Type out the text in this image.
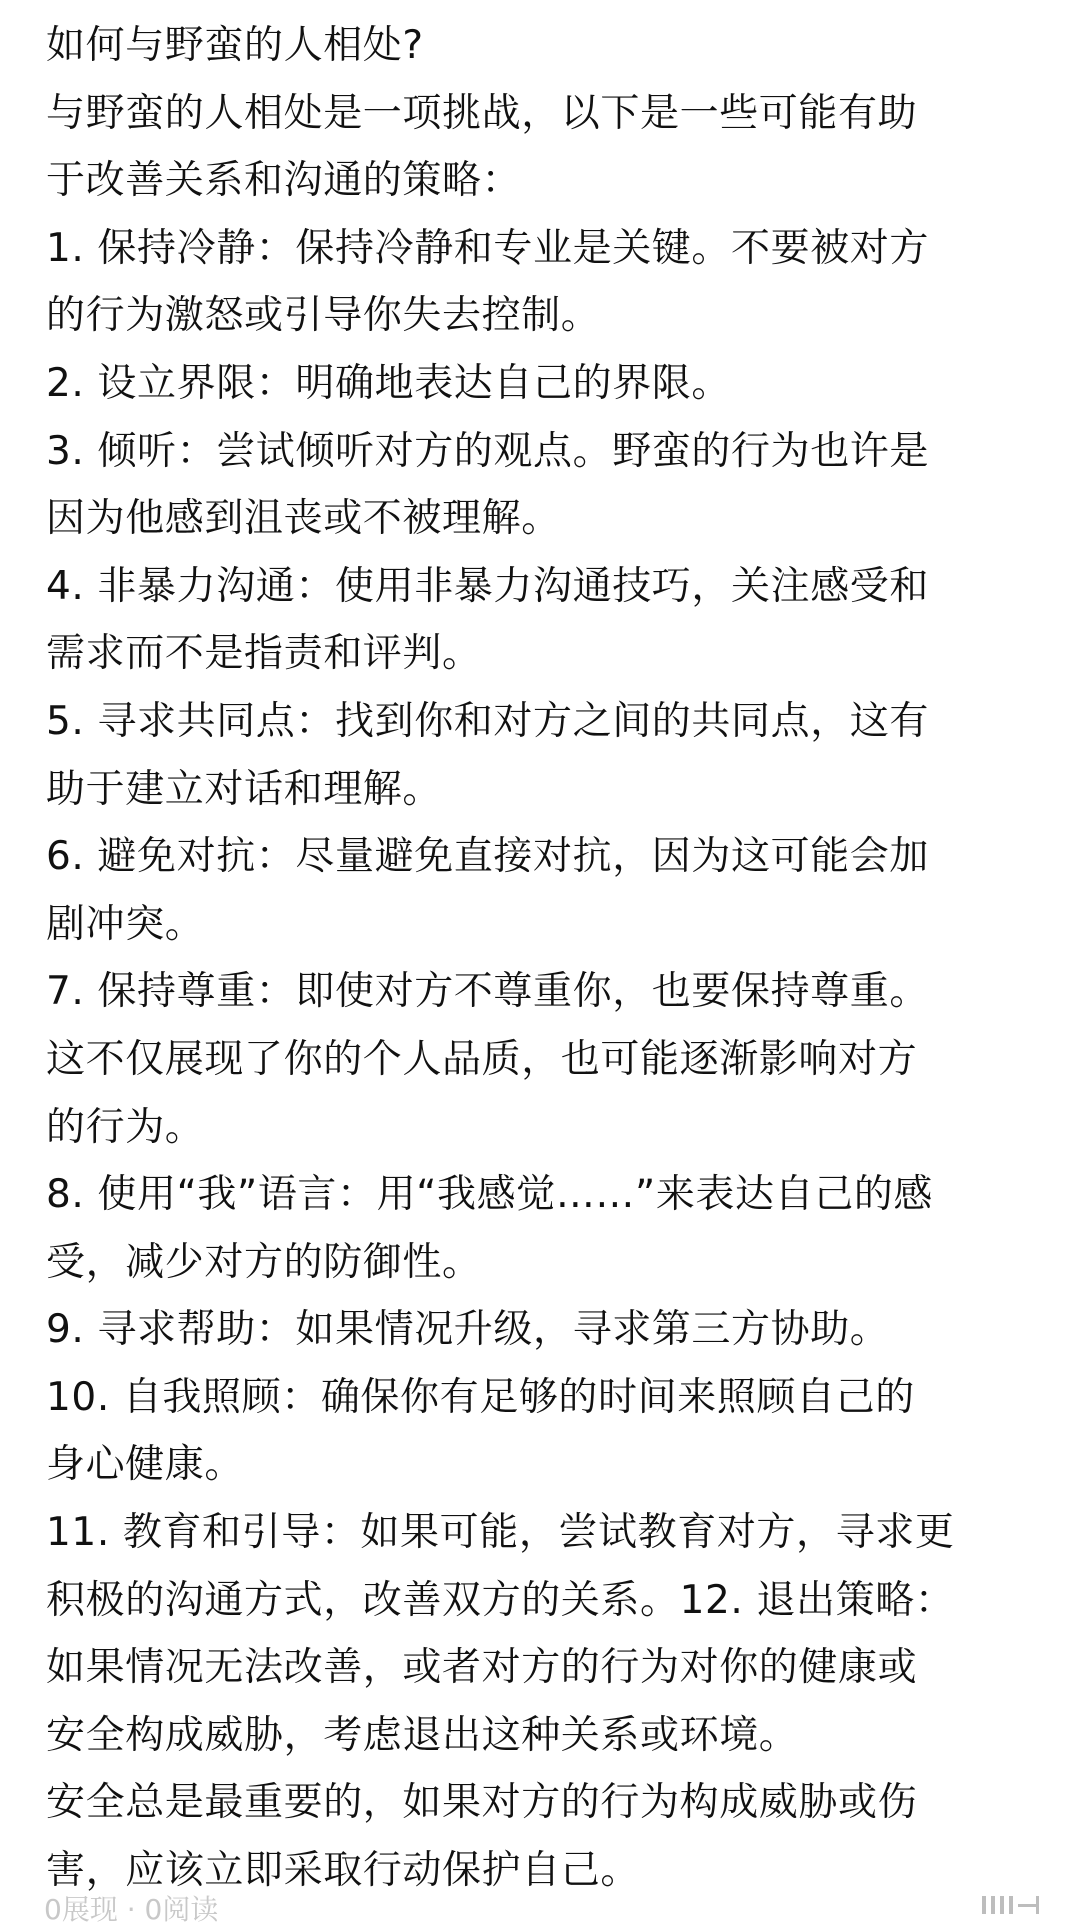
如何与野蛮的人相处?
与野蛮的人相处是一项挑战，以下是一些可能有助
于改善关系和沟通的策略：
1. 保持冷静：保持冷静和专业是关键。不要被对方
的行为激怒或引导你失去控制。
2. 设立界限：明确地表达自己的界限。
3. 倾听：尝试倾听对方的观点。野蛮的行为也许是
因为他感到沮丧或不被理解。
4. 非暴力沟通：使用非暴力沟通技巧，关注感受和
需求而不是指责和评判。
5. 寻求共同点：找到你和对方之间的共同点，这有
助于建立对话和理解。
6. 避免对抗：尽量避免直接对抗，因为这可能会加
剧冲突。
7. 保持尊重：即使对方不尊重你，也要保持尊重。
这不仅展现了你的个人品质，也可能逐渐影响对方
的行为。
8. 使用“我”语言：用“我感觉……”来表达自己的感
受，减少对方的防御性。
9. 寻求帮助：如果情况升级，寻求第三方协助。
10. 自我照顾：确保你有足够的时间来照顾自己的
身心健康。
11. 教育和引导：如果可能，尝试教育对方，寻求更
积极的沟通方式，改善双方的关系。12. 退出策略：
如果情况无法改善，或者对方的行为对你的健康或
安全构成威胁，考虑退出这种关系或环境。
安全总是最重要的，如果对方的行为构成威胁或伤
害，应该立即采取行动保护自己。
0展现 · 0阅读
